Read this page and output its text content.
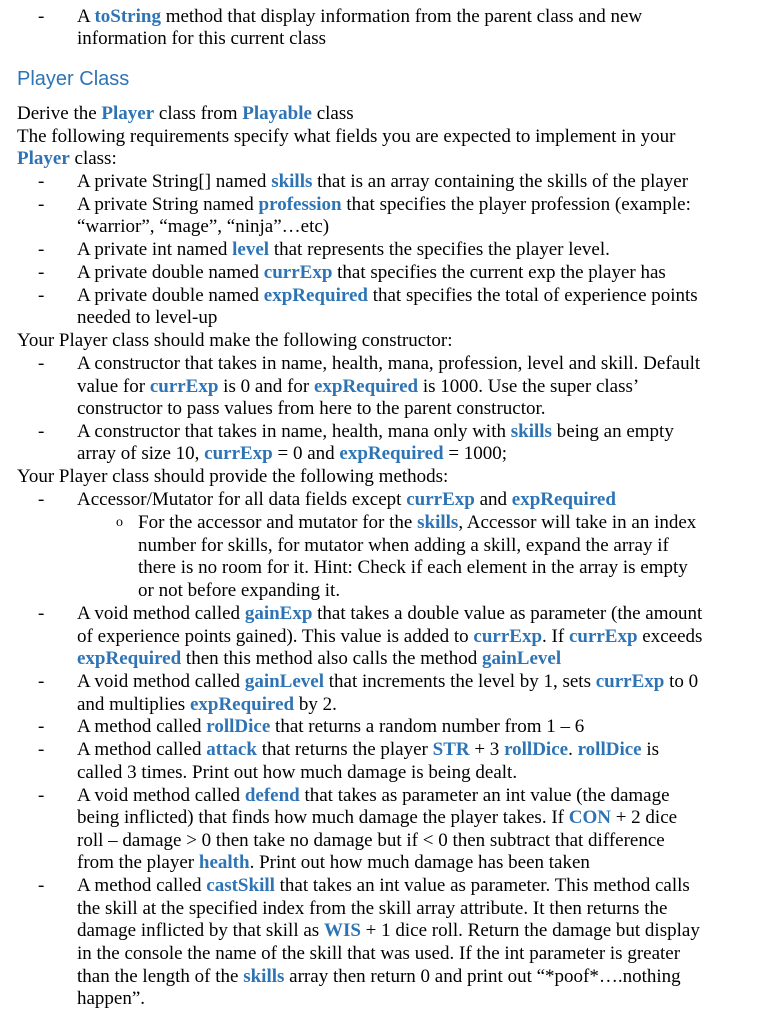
- A toString method that display information from the parent class and new
information for this current class
Player Class
Derive the Player class from Playable class
The following requirements specify what fields you are expected to implement in your
Player class:
- A private String[] named skills that is an array containing the skills of the player
- A private String named profession that specifies the player profession (example:
“warrior”, “mage”, “ninja”…etc)
- A private int named level that represents the specifies the player level.
- A private double named currExp that specifies the current exp the player has
- A private double named expRequired that specifies the total of experience points
needed to level-up
Your Player class should make the following constructor:
- A constructor that takes in name, health, mana, profession, level and skill. Default
value for currExp is 0 and for expRequired is 1000. Use the super class’
constructor to pass values from here to the parent constructor.
- A constructor that takes in name, health, mana only with skills being an empty
array of size 10, currExp = 0 and expRequired = 1000;
Your Player class should provide the following methods:
- Accessor/Mutator for all data fields except currExp and expRequired
o For the accessor and mutator for the skills, Accessor will take in an index
number for skills, for mutator when adding a skill, expand the array if
there is no room for it. Hint: Check if each element in the array is empty
or not before expanding it.
- A void method called gainExp that takes a double value as parameter (the amount
of experience points gained). This value is added to currExp. If currExp exceeds
expRequired then this method also calls the method gainLevel
- A void method called gainLevel that increments the level by 1, sets currExp to 0
and multiplies expRequired by 2.
- A method called rollDice that returns a random number from 1 – 6
- A method called attack that returns the player STR + 3 rollDice. rollDice is
called 3 times. Print out how much damage is being dealt.
- A void method called defend that takes as parameter an int value (the damage
being inflicted) that finds how much damage the player takes. If CON + 2 dice
roll – damage > 0 then take no damage but if < 0 then subtract that difference
from the player health. Print out how much damage has been taken
- A method called castSkill that takes an int value as parameter. This method calls
the skill at the specified index from the skill array attribute. It then returns the
damage inflicted by that skill as WIS + 1 dice roll. Return the damage but display
in the console the name of the skill that was used. If the int parameter is greater
than the length of the skills array then return 0 and print out “*poof*….nothing
happen”.
